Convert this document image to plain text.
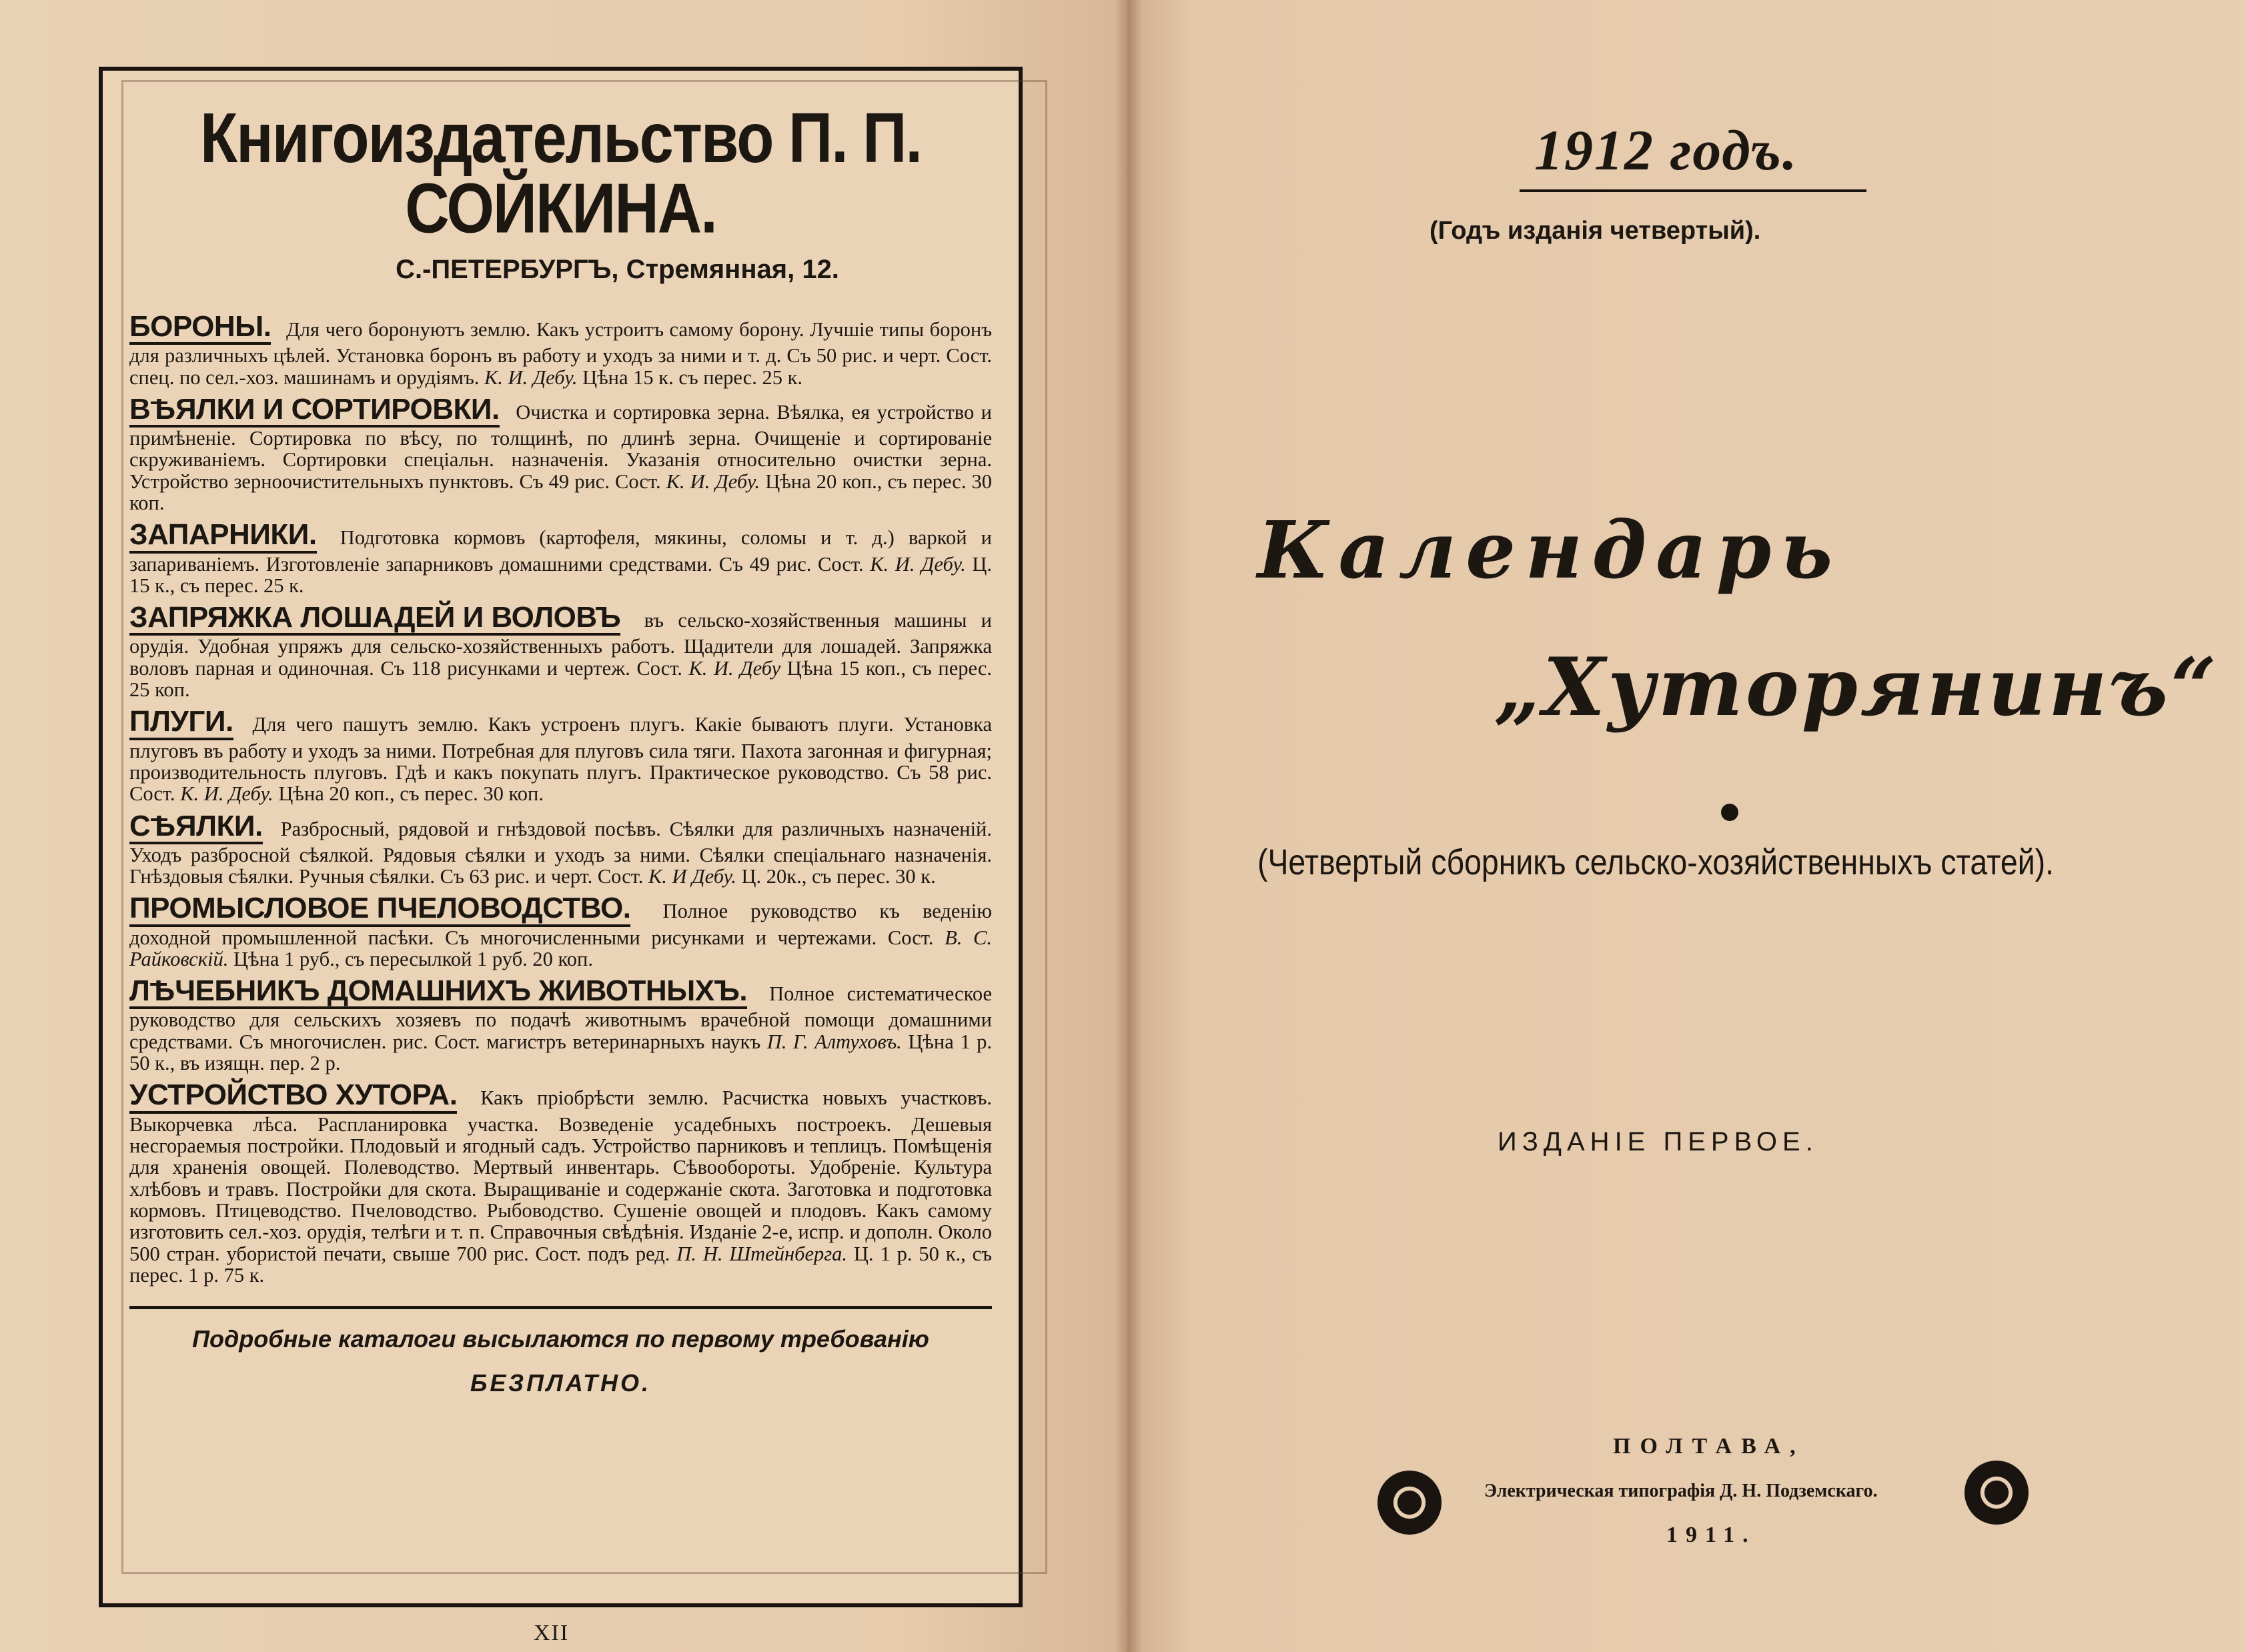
Книгоиздательство П. П. СОЙКИНА.
С.-ПЕТЕРБУРГЪ, Стремянная, 12.
БОРОНЫ. Для чего боронуютъ землю. Какъ устроитъ самому борону. Лучшіе типы боронъ для различныхъ цѣлей. Установка боронъ въ работу и уходъ за ними и т. д. Съ 50 рис. и черт. Сост. спец. по сел.-хоз. машинамъ и орудіямъ. К. И. Дебу. Цѣна 15 к. съ перес. 25 к.
ВѢЯЛКИ И СОРТИРОВКИ. Очистка и сортировка зерна. Вѣялка, ея устройство и примѣненіе. Сортировка по вѣсу, по толщинѣ, по длинѣ зерна. Очищеніе и сортированіе скруживаніемъ. Сортировки спеціальн. назначенія. Указанія относительно очистки зерна. Устройство зерноочистительныхъ пунктовъ. Съ 49 рис. Сост. К. И. Дебу. Цѣна 20 коп., съ перес. 30 коп.
ЗАПАРНИКИ. Подготовка кормовъ (картофеля, мякины, соломы и т. д.) варкой и запариваніемъ. Изготовленіе запарниковъ домашними средствами. Съ 49 рис. Сост. К. И. Дебу. Ц. 15 к., съ перес. 25 к.
ЗАПРЯЖКА ЛОШАДЕЙ И ВОЛОВЪ въ сельско-хозяйственныя машины и орудія. Удобная упряжъ для сельско-хозяйственныхъ работъ. Щадители для лошадей. Запряжка воловъ парная и одиночная. Съ 118 рисунками и чертеж. Сост. К. И. Дебу Цѣна 15 коп., съ перес. 25 коп.
ПЛУГИ. Для чего пашутъ землю. Какъ устроенъ плугъ. Какіе бываютъ плуги. Установка плуговъ въ работу и уходъ за ними. Потребная для плуговъ сила тяги. Пахота загонная и фигурная; производительность плуговъ. Гдѣ и какъ покупать плугъ. Практическое руководство. Съ 58 рис. Сост. К. И. Дебу. Цѣна 20 коп., съ перес. 30 коп.
СѢЯЛКИ. Разбросный, рядовой и гнѣздовой посѣвъ. Сѣялки для различныхъ назначеній. Уходъ разбросной сѣялкой. Рядовыя сѣялки и уходъ за ними. Сѣялки спеціальнаго назначенія. Гнѣздовыя сѣялки. Ручныя сѣялки. Съ 63 рис. и черт. Сост. К. И Дебу. Ц. 20к., съ перес. 30 к.
ПРОМЫСЛОВОЕ ПЧЕЛОВОДСТВО. Полное руководство къ веденію доходной промышленной пасѣки. Съ многочисленными рисунками и чертежами. Сост. В. С. Райковскій. Цѣна 1 руб., съ пересылкой 1 руб. 20 коп.
ЛѢЧЕБНИКЪ ДОМАШНИХЪ ЖИВОТНЫХЪ. Полное систематическое руководство для сельскихъ хозяевъ по подачѣ животнымъ врачебной помощи домашними средствами. Съ многочислен. рис. Сост. магистръ ветеринарныхъ наукъ П. Г. Алтуховъ. Цѣна 1 р. 50 к., въ изящн. пер. 2 р.
УСТРОЙСТВО ХУТОРА. Какъ пріобрѣсти землю. Расчистка новыхъ участковъ. Выкорчевка лѣса. Распланировка участка. Возведеніе усадебныхъ построекъ. Дешевыя несгораемыя постройки. Плодовый и ягодный садъ. Устройство парниковъ и теплицъ. Помѣщенія для храненія овощей. Полеводство. Мертвый инвентарь. Сѣвообороты. Удобреніе. Культура хлѣбовъ и травъ. Постройки для скота. Выращиваніе и содержаніе скота. Заготовка и подготовка кормовъ. Птицеводство. Пчеловодство. Рыбоводство. Сушеніе овощей и плодовъ. Какъ самому изготовить сел.-хоз. орудія, телѣги и т. п. Справочныя свѣдѣнія. Изданіе 2-е, испр. и дополн. Около 500 стран. убористой печати, свыше 700 рис. Сост. подъ ред. П. Н. Штейнберга. Ц. 1 р. 50 к., съ перес. 1 р. 75 к.
Подробные каталоги высылаются по первому требованію
БЕЗПЛАТНО.
XII
1912 годъ.
(Годъ изданія четвертый).
Календарь
„Хуторянинъ“
(Четвертый сборникъ сельско-хозяйственныхъ статей).
ИЗДАНІЕ ПЕРВОЕ.
ПОЛТАВА,
Электрическая типографія Д. Н. Подземскаго.
1911.
